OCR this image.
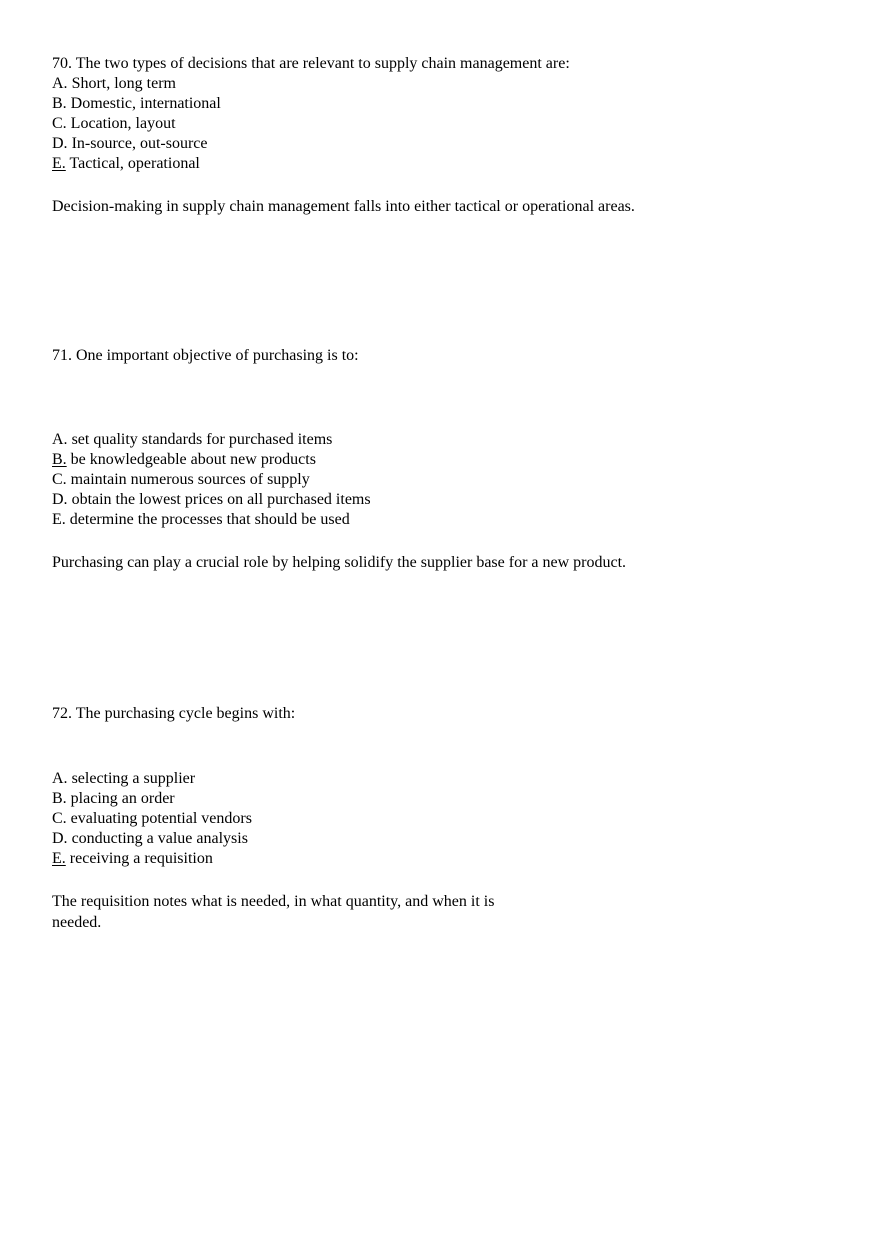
70. The two types of decisions that are relevant to supply chain management are:
A. Short, long term
B. Domestic, international
C. Location, layout
D. In-source, out-source
E. Tactical, operational
Decision-making in supply chain management falls into either tactical or operational areas.
71. One important objective of purchasing is to:
A. set quality standards for purchased items
B. be knowledgeable about new products
C. maintain numerous sources of supply
D. obtain the lowest prices on all purchased items
E. determine the processes that should be used
Purchasing can play a crucial role by helping solidify the supplier base for a new product.
72. The purchasing cycle begins with:
A. selecting a supplier
B. placing an order
C. evaluating potential vendors
D. conducting a value analysis
E. receiving a requisition
The requisition notes what is needed, in what quantity, and when it is needed.
